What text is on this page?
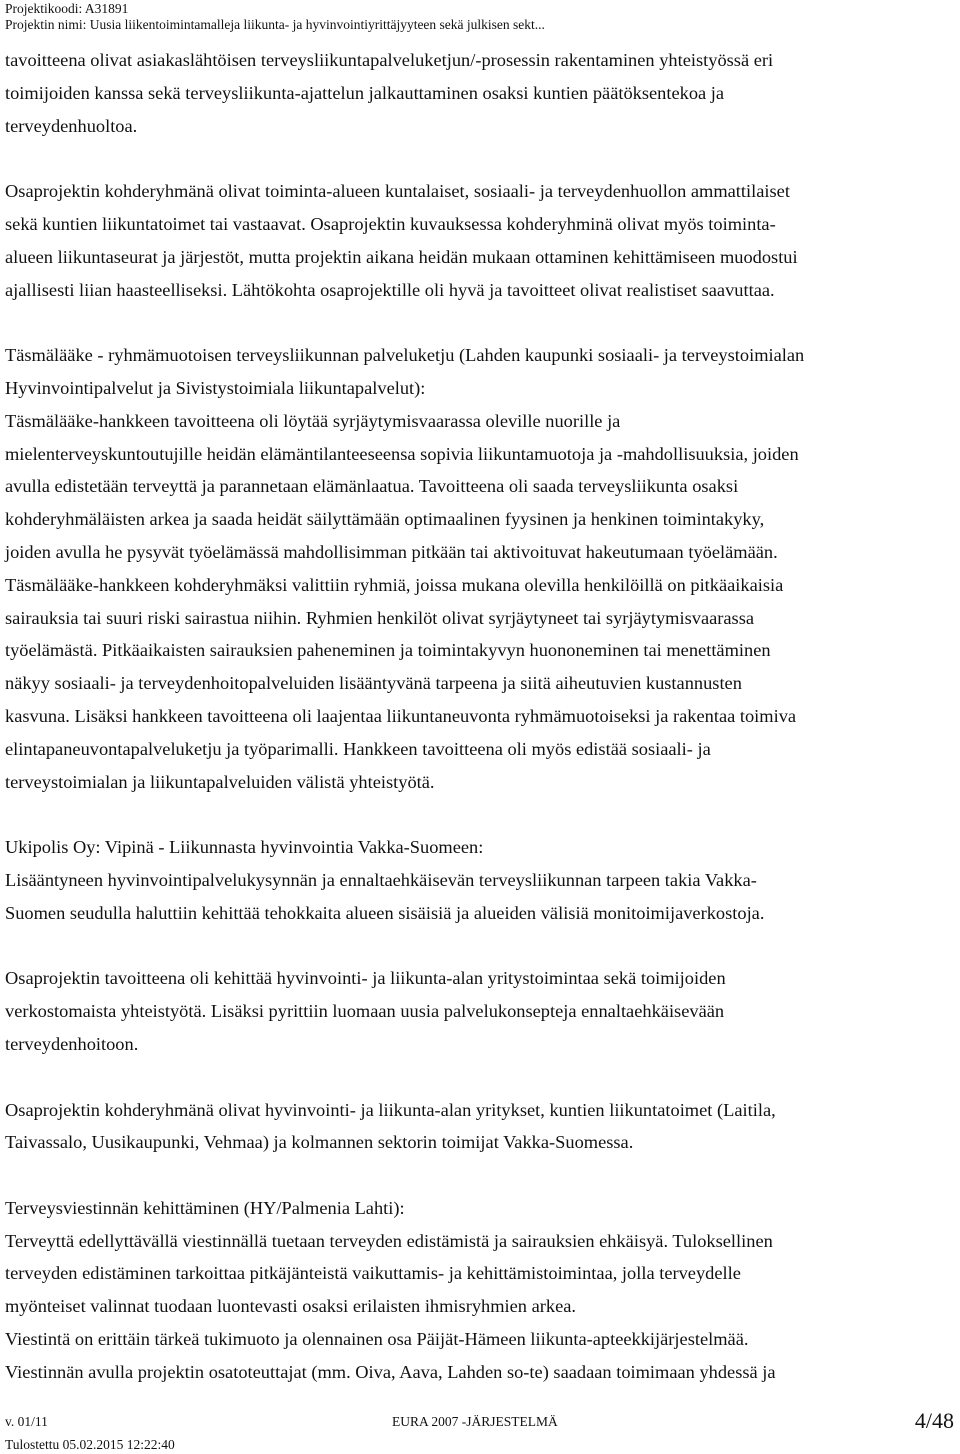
Projektikoodi: A31891
Projektin nimi: Uusia liikentoimintamalleja liikunta- ja hyvinvointiyrittäjyyteen sekä julkisen sekt...

tavoitteena olivat asiakaslähtöisen terveysliikuntapalveluketjun/-prosessin rakentaminen yhteistyössä eri
toimijoiden kanssa sekä terveysliikunta-ajattelun jalkauttaminen osaksi kuntien päätöksentekoa ja
terveydenhuoltoa.

Osaprojektin kohderyhmänä olivat toiminta-alueen kuntalaiset, sosiaali- ja terveydenhuollon ammattilaiset
sekä kuntien liikuntatoimet tai vastaavat. Osaprojektin kuvauksessa kohderyhminä olivat myös toiminta-
alueen liikuntaseurat ja järjestöt, mutta projektin aikana heidän mukaan ottaminen kehittämiseen muodostui
ajallisesti liian haasteelliseksi. Lähtökohta osaprojektille oli hyvä ja tavoitteet olivat realistiset saavuttaa.

Täsmälääke - ryhmämuotoisen terveysliikunnan palveluketju (Lahden kaupunki sosiaali- ja terveystoimialan
Hyvinvointipalvelut ja Sivistystoimiala liikuntapalvelut):
Täsmälääke-hankkeen tavoitteena oli löytää syrjäytymisvaarassa oleville nuorille ja
mielenterveyskuntoutujille heidän elämäntilanteeseensa sopivia liikuntamuotoja ja -mahdollisuuksia, joiden
avulla edistetään terveyttä ja parannetaan elämänlaatua. Tavoitteena oli saada terveysliikunta osaksi
kohderyhmäläisten arkea ja saada heidät säilyttämään optimaalinen fyysinen ja henkinen toimintakyky,
joiden avulla he pysyvät työelämässä mahdollisimman pitkään tai aktivoituvat hakeutumaan työelämään.
Täsmälääke-hankkeen kohderyhmäksi valittiin ryhmiä, joissa mukana olevilla henkilöillä on pitkäaikaisia
sairauksia tai suuri riski sairastua niihin. Ryhmien henkilöt olivat syrjäytyneet tai syrjäytymisvaarassa
työelämästä. Pitkäaikaisten sairauksien paheneminen ja toimintakyvyn huononeminen tai menettäminen
näkyy sosiaali- ja terveydenhoitopalveluiden lisääntyvänä tarpeena ja siitä aiheutuvien kustannusten
kasvuna. Lisäksi hankkeen tavoitteena oli laajentaa liikuntaneuvonta ryhmämuotoiseksi ja rakentaa toimiva
elintapaneuvontapalveluketju ja työparimalli. Hankkeen tavoitteena oli myös edistää sosiaali- ja
terveystoimialan ja liikuntapalveluiden välistä yhteistyötä.

Ukipolis Oy: Vipinä - Liikunnasta hyvinvointia Vakka-Suomeen:
Lisääntyneen hyvinvointipalvelukysynnän ja ennaltaehkäisevän terveysliikunnan tarpeen takia Vakka-
Suomen seudulla haluttiin kehittää tehokkaita alueen sisäisiä ja alueiden välisiä monitoimijaverkostoja.

Osaprojektin tavoitteena oli kehittää hyvinvointi- ja liikunta-alan yritystoimintaa sekä toimijoiden
verkostomaista yhteistyötä. Lisäksi pyrittiin luomaan uusia palvelukonsepteja ennaltaehkäisevään
terveydenhoitoon.

Osaprojektin kohderyhmänä olivat hyvinvointi- ja liikunta-alan yritykset, kuntien liikuntatoimet (Laitila,
Taivassalo, Uusikaupunki, Vehmaa) ja kolmannen sektorin toimijat Vakka-Suomessa.

Terveysviestinnän kehittäminen (HY/Palmenia Lahti):
Terveyttä edellyttävällä viestinnällä tuetaan terveyden edistämistä ja sairauksien ehkäisyä. Tuloksellinen
terveyden edistäminen tarkoittaa pitkäjänteistä vaikuttamis- ja kehittämistoimintaa, jolla terveydelle
myönteiset valinnat tuodaan luontevasti osaksi erilaisten ihmisryhmien arkea.
Viestintä on erittäin tärkeä tukimuoto ja olennainen osa Päijät-Hämeen liikunta-apteekkijärjestelmää.
Viestinnän avulla projektin osatoteuttajat (mm. Oiva, Aava, Lahden so-te) saadaan toimimaan yhdessä ja

v. 01/11	EURA 2007 -JÄRJESTELMÄ	4/48
Tulostettu 05.02.2015 12:22:40
